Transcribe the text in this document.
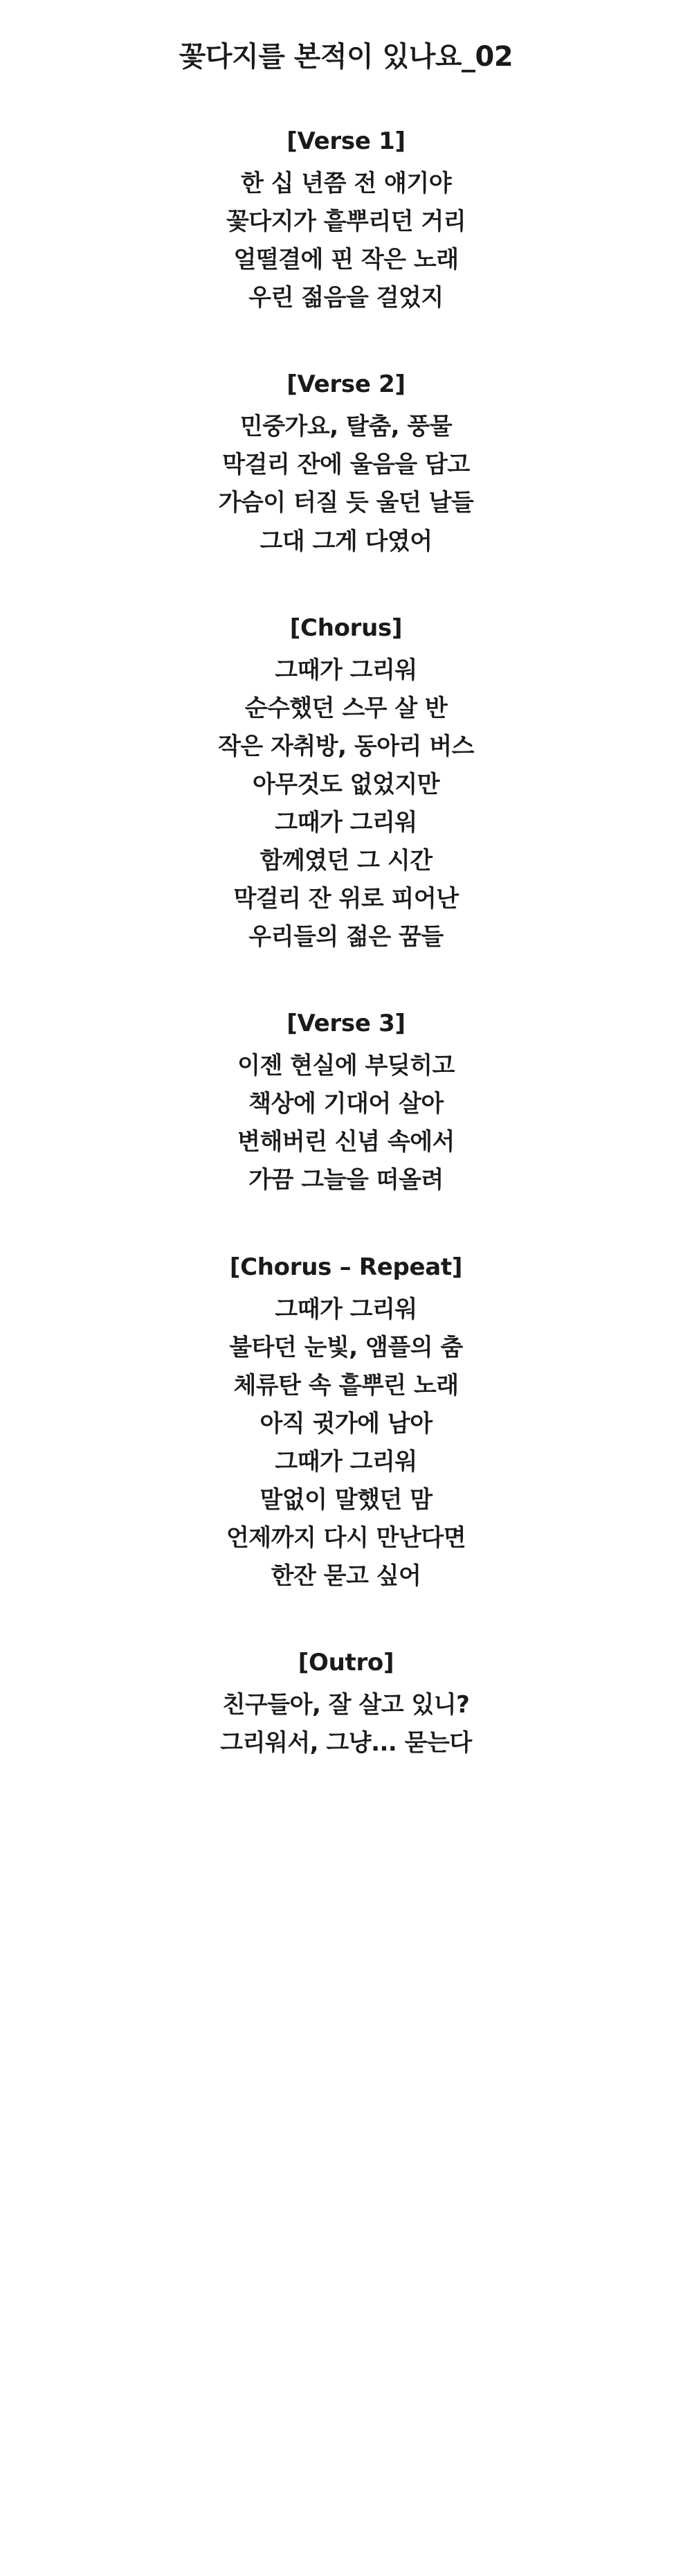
꽃다지를 본적이 있나요_02
[Verse 1]
한 십 년쯤 전 얘기야
꽃다지가 흩뿌리던 거리
얼떨결에 핀 작은 노래
우린 젊음을 걸었지
[Verse 2]
민중가요, 탈춤, 풍물
막걸리 잔에 울음을 담고
가슴이 터질 듯 울던 날들
그대 그게 다였어
[Chorus]
그때가 그리워
순수했던 스무 살 반
작은 자취방, 동아리 버스
아무것도 없었지만
그때가 그리워
함께였던 그 시간
막걸리 잔 위로 피어난
우리들의 젊은 꿈들
[Verse 3]
이젠 현실에 부딪히고
책상에 기대어 살아
변해버린 신념 속에서
가끔 그늘을 떠올려
[Chorus – Repeat]
그때가 그리워
불타던 눈빛, 앰플의 춤
체류탄 속 흩뿌린 노래
아직 귓가에 남아
그때가 그리워
말없이 말했던 맘
언제까지 다시 만난다면
한잔 묻고 싶어
[Outro]
친구들아, 잘 살고 있니?
그리워서, 그냥... 묻는다
